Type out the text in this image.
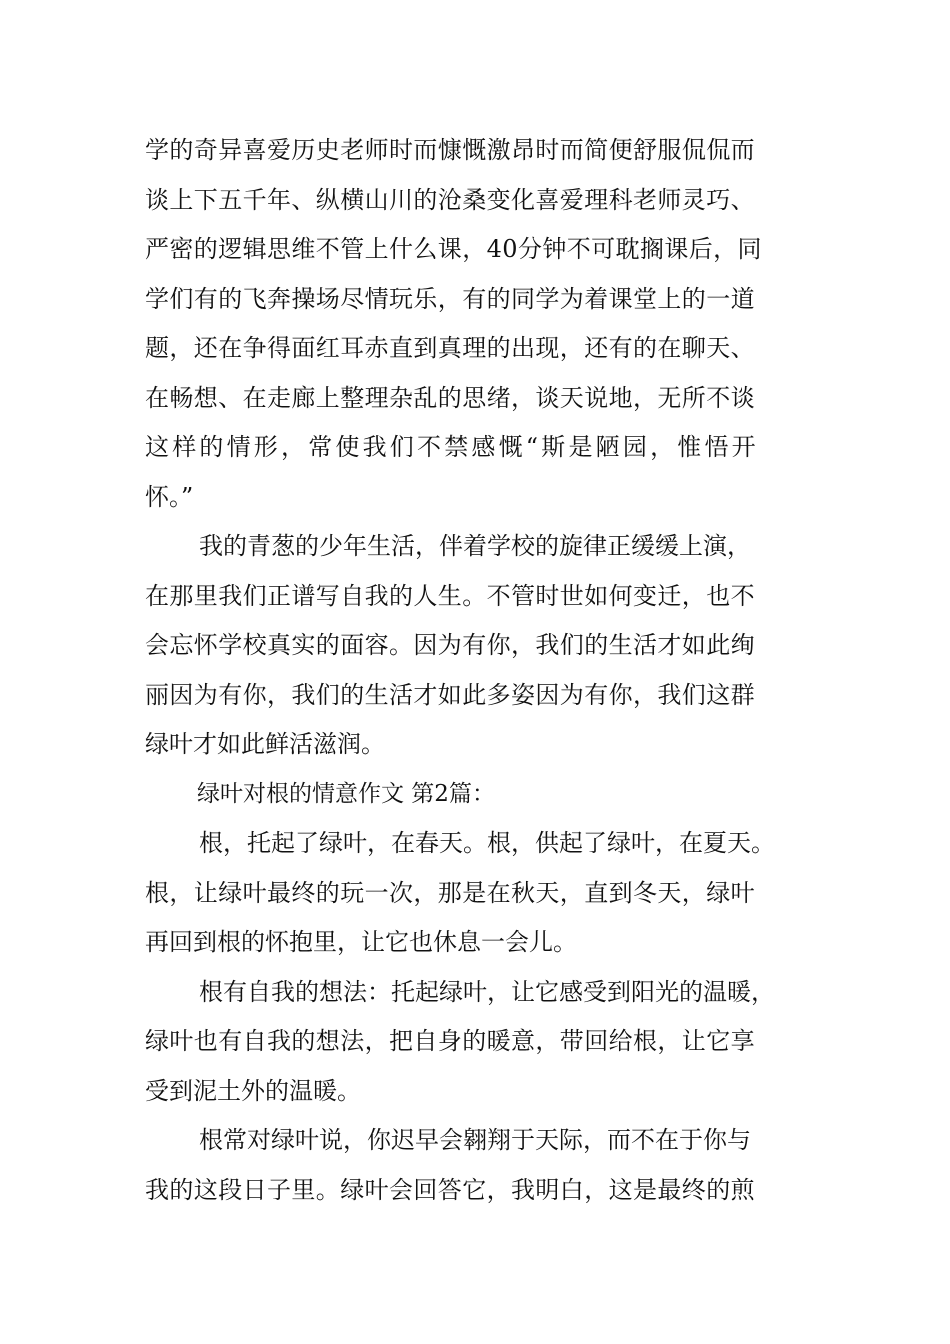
学的奇异喜爱历史老师时而慷慨激昂时而简便舒服侃侃而
谈上下五千年、纵横山川的沧桑变化喜爱理科老师灵巧、
严密的逻辑思维不管上什么课，40分钟不可耽搁课后，同
学们有的飞奔操场尽情玩乐，有的同学为着课堂上的一道
题，还在争得面红耳赤直到真理的出现，还有的在聊天、
在畅想、在走廊上整理杂乱的思绪，谈天说地，无所不谈
这样的情形，常使我们不禁感慨“斯是陋园，惟悟开
怀。”
我的青葱的少年生活，伴着学校的旋律正缓缓上演，
在那里我们正谱写自我的人生。不管时世如何变迁，也不
会忘怀学校真实的面容。因为有你，我们的生活才如此绚
丽因为有你，我们的生活才如此多姿因为有你，我们这群
绿叶才如此鲜活滋润。
绿叶对根的情意作文 第2篇：
根，托起了绿叶，在春天。根，供起了绿叶，在夏天。
根，让绿叶最终的玩一次，那是在秋天，直到冬天，绿叶
再回到根的怀抱里，让它也休息一会儿。
根有自我的想法：托起绿叶，让它感受到阳光的温暖，
绿叶也有自我的想法，把自身的暖意，带回给根，让它享
受到泥土外的温暖。
根常对绿叶说，你迟早会翱翔于天际，而不在于你与
我的这段日子里。绿叶会回答它，我明白，这是最终的煎
